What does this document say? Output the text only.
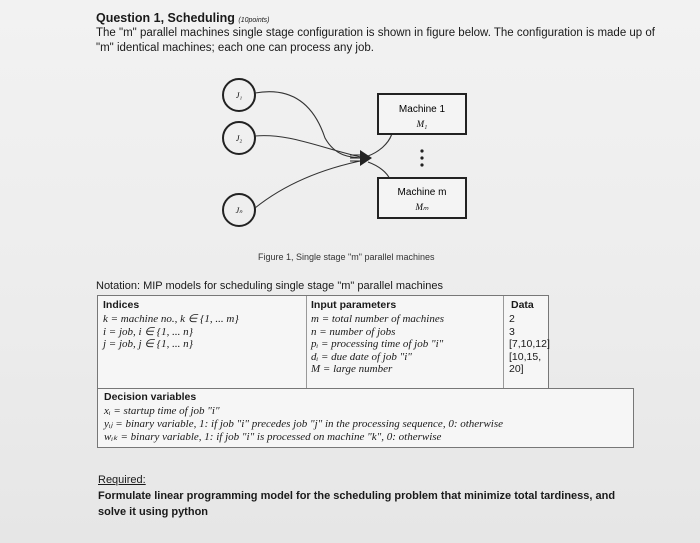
Question 1, Scheduling (10points)
The "m" parallel machines single stage configuration is shown in figure below. The configuration is made up of "m" identical machines; each one can process any job.
J₁
J₂
Jₙ
Machine 1
M₁
Machine m
Mₘ
Figure 1, Single stage "m" parallel machines
Notation: MIP models for scheduling single stage "m" parallel machines
Indices	Input parameters	Data
k = machine no., k ∈ {1, ... m}
i = job, i ∈ {1, ... n}
j = job, j ∈ {1, ... n}
m = total number of machines
n = number of jobs
pᵢ = processing time of job "i"
dᵢ = due date of job "i"
M = large number
2
3
[7,10,12]
[10,15, 20]
Decision variables
xᵢ = startup time of job "i"
yᵢⱼ = binary variable, 1: if job "i" precedes job "j" in the processing sequence, 0: otherwise
wᵢₖ = binary variable, 1: if job "i" is processed on machine "k", 0: otherwise
Required:
Formulate linear programming model for the scheduling problem that minimize total tardiness, and solve it using python
